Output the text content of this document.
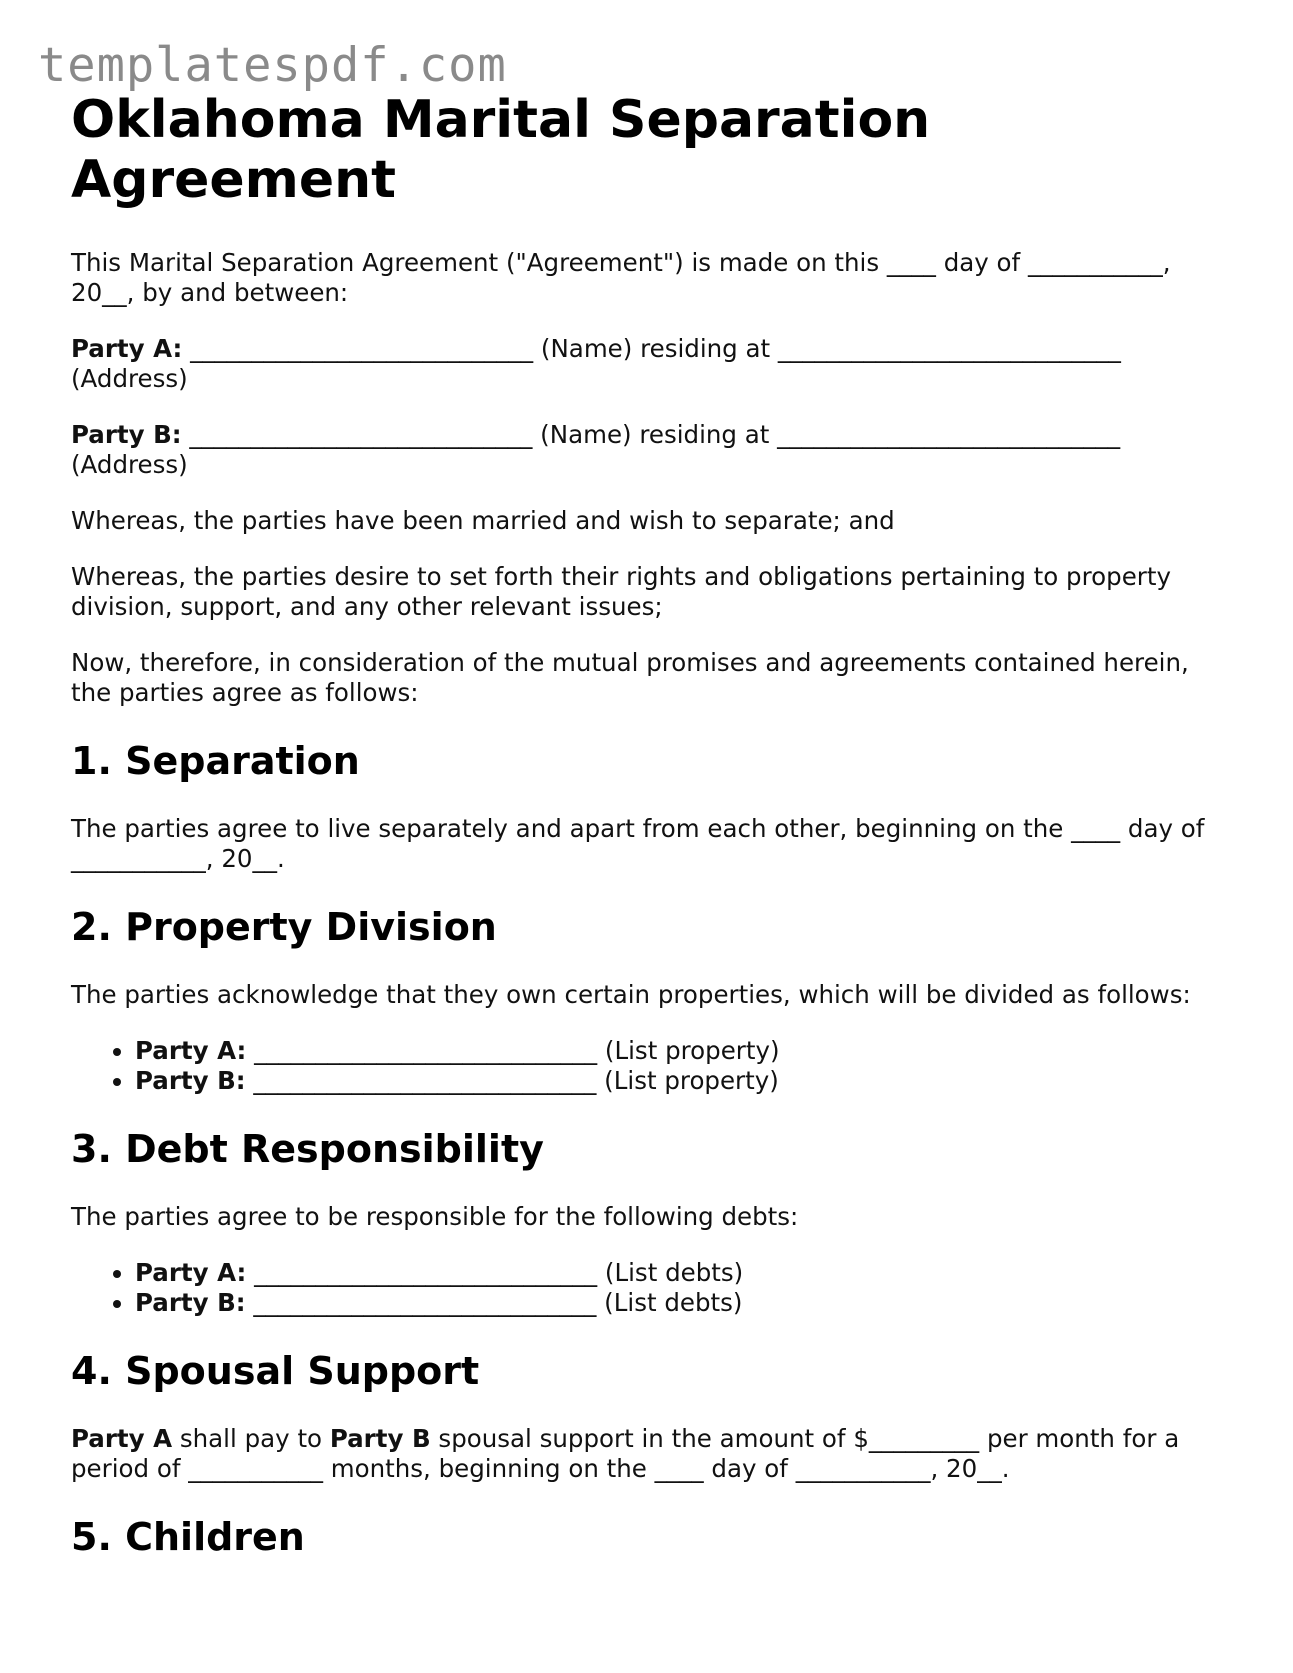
templatespdf.com
Oklahoma Marital Separation Agreement

This Marital Separation Agreement ("Agreement") is made on this ____ day of ___________, 20__, by and between:

Party A: ____________________________ (Name) residing at ____________________________ (Address)

Party B: ____________________________ (Name) residing at ____________________________ (Address)

Whereas, the parties have been married and wish to separate; and

Whereas, the parties desire to set forth their rights and obligations pertaining to property division, support, and any other relevant issues;

Now, therefore, in consideration of the mutual promises and agreements contained herein, the parties agree as follows:

1. Separation

The parties agree to live separately and apart from each other, beginning on the ____ day of ___________, 20__.

2. Property Division

The parties acknowledge that they own certain properties, which will be divided as follows:

• Party A: ____________________________ (List property)
• Party B: ____________________________ (List property)
3. Debt Responsibility

The parties agree to be responsible for the following debts:

• Party A: ____________________________ (List debts)
• Party B: ____________________________ (List debts)
4. Spousal Support

Party A shall pay to Party B spousal support in the amount of $_________ per month for a period of ___________ months, beginning on the ____ day of ___________, 20__.

5. Children
